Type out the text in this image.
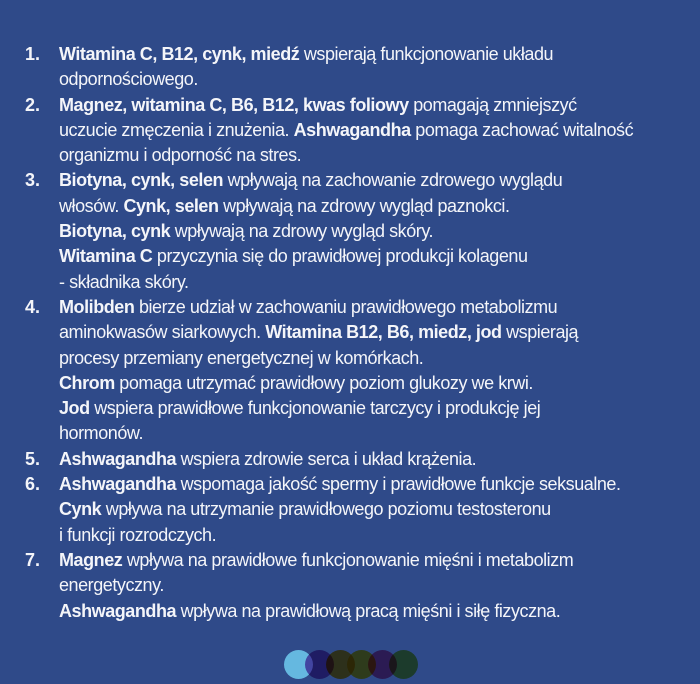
1. Witamina C, B12, cynk, miedź wspierają funkcjonowanie układu
odpornościowego.
2. Magnez, witamina C, B6, B12, kwas foliowy pomagają zmniejszyć
uczucie zmęczenia i znużenia. Ashwagandha pomaga zachować witalność
organizmu i odporność na stres.
3. Biotyna, cynk, selen wpływają na zachowanie zdrowego wyglądu
włosów. Cynk, selen wpływają na zdrowy wygląd paznokci.
Biotyna, cynk wpływają na zdrowy wygląd skóry.
Witamina C przyczynia się do prawidłowej produkcji kolagenu
- składnika skóry.
4. Molibden bierze udział w zachowaniu prawidłowego metabolizmu
aminokwasów siarkowych. Witamina B12, B6, miedz, jod wspierają
procesy przemiany energetycznej w komórkach.
Chrom pomaga utrzymać prawidłowy poziom glukozy we krwi.
Jod wspiera prawidłowe funkcjonowanie tarczycy i produkcję jej
hormonów.
5. Ashwagandha wspiera zdrowie serca i układ krążenia.
6. Ashwagandha wspomaga jakość spermy i prawidłowe funkcje seksualne.
Cynk wpływa na utrzymanie prawidłowego poziomu testosteronu
i funkcji rozrodczych.
7. Magnez wpływa na prawidłowe funkcjonowanie mięśni i metabolizm
energetyczny.
Ashwagandha wpływa na prawidłową pracą mięśni i siłę fizyczna.
